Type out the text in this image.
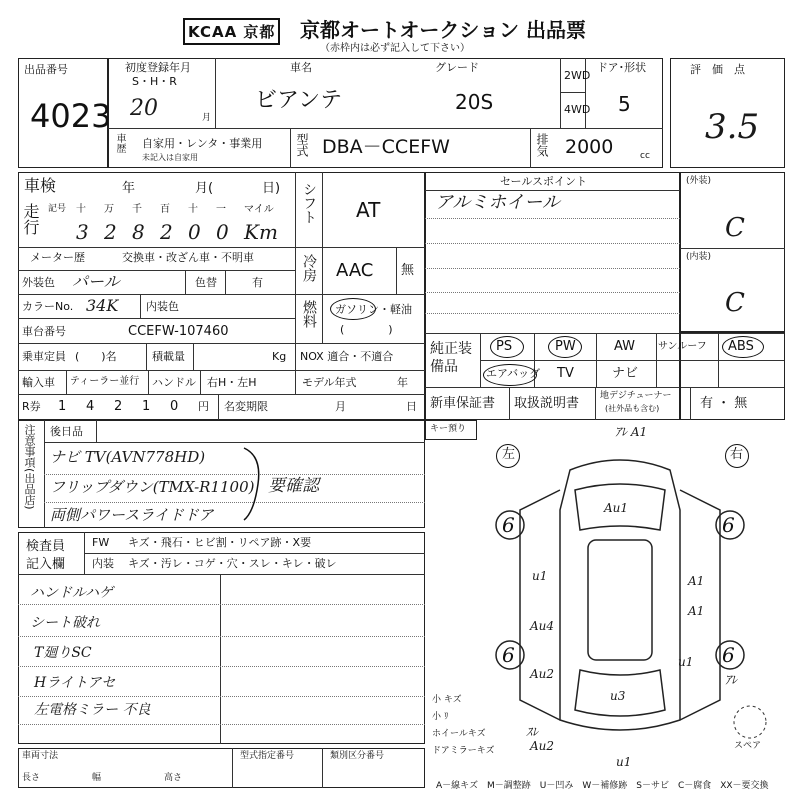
KCAA 京都 京都オートオークション 出品票
（赤枠内は必ず記入して下さい）
出品番号
4023
初度登録年月
S・H・R
20	月
車名
ビアンテ
グレード
20S
2WD
4WD
ドア･形状
5
車歴 自家用・レンタ・事業用
未記入は自家用
型式 DBA－CCEFW	排気 2000	cc
評　価　点
3.5
(外装)
C
(内装)
C
車検	年	月(	日)
走行 記号 十 万 千 百 十 一 マイル
3 2 8 2 0 0 Km
メーター歴	交換車・改ざん車・不明車
外装色 パール	色替	有
カラーNo. 34K	内装色
車台番号	CCEFW-107460
シフト AT
冷房 AAC 無
燃料 ガソリン・軽油
(　　　　)
乗車定員 (　　)名	積載量	Kg NOX 適合・不適合
輸入車 ティーラー並行 ハンドル 右H・左H	モデル年式	年
R券 1 4 2 1 0 円 名変期限	月	日
セールスポイント
アルミホイール
純正装備品
PS	PW	AW サンルーフ ABS
エアバッグ TV	ナビ
新車保証書 取扱説明書 地デジチューナー
(社外品も含む)	有 ・ 無
注意事項(出品店) 後日品
ナビ TV(AVN778HD)
フリップダウン(TMX-R1100)
両側パワースライドドア
要確認
検査員記入欄
FW キズ・飛石・ヒビ割・リペア跡・X要
内装 キズ・汚レ・コゲ・穴・スレ・キレ・破レ
ハンドルハゲ
シート破れ
T廻りSC
Hライトアセ
左電格ミラー 不良
車両寸法
長さ	幅	高さ
型式指定番号	類別区分番号
キー預り
左	右
6	6
6	6
ｱﾚ A1
Au1
u1	A1
A1
Au4
u1
Au2
u3
Au2
u1
ｽﾚ
ｱﾚ
小 キズ
小 ﾘ
ホイールキズ
ドアミラーキズ	スペア
A－線キズ　M－調整跡　U－凹み　W－補修跡　S－サビ　C－腐食　XX－要交換
